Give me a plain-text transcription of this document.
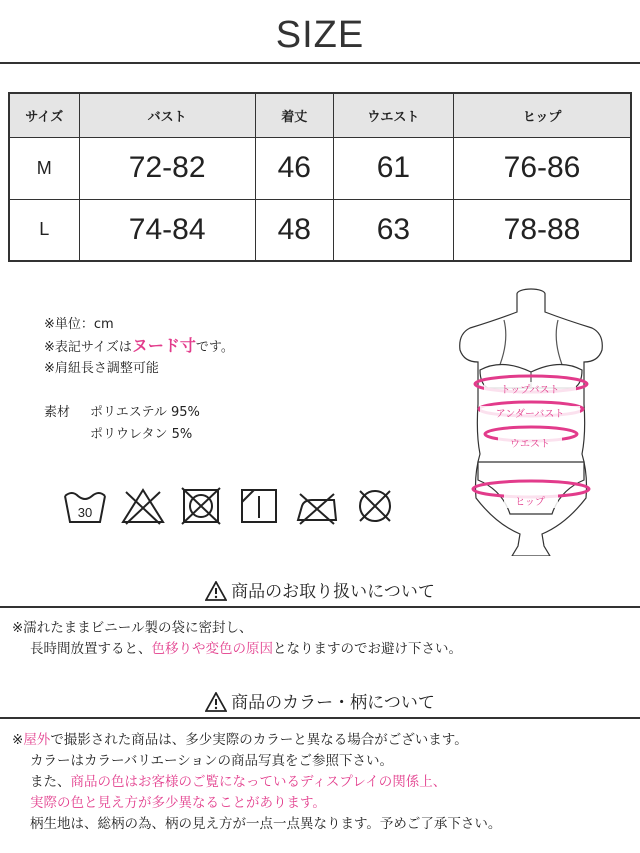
SIZE
サイズ	バスト	着丈	ウエスト	ヒップ
M	72-82	46	61	76-86
L	74-84	48	63	78-88
※単位：cm
※表記サイズはヌード寸です。
※肩紐長さ調整可能
素材	ポリエステル 95%
ポリウレタン 5%
30
トップバスト
アンダーバスト
ウエスト
ヒップ
商品のお取り扱いについて
※濡れたままビニール製の袋に密封し、
長時間放置すると、色移りや変色の原因となりますのでお避け下さい。
商品のカラー・柄について
※屋外で撮影された商品は、多少実際のカラーと異なる場合がございます。
カラーはカラーバリエーションの商品写真をご参照下さい。
また、商品の色はお客様のご覧になっているディスプレイの関係上、
実際の色と見え方が多少異なることがあります。
柄生地は、総柄の為、柄の見え方が一点一点異なります。予めご了承下さい。
